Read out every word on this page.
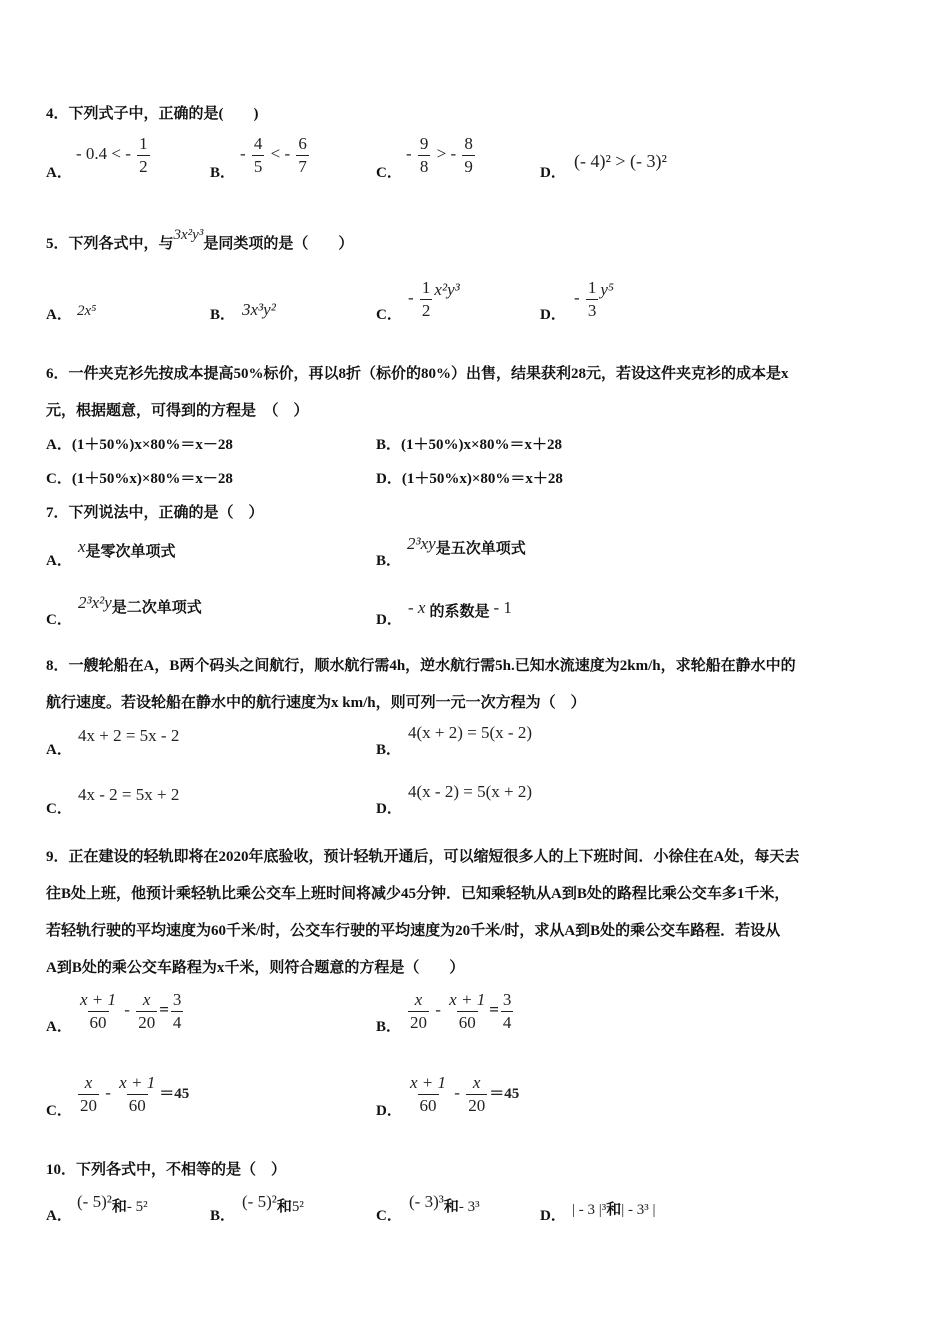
4．下列式子中，正确的是(　　)
A．
- 0.4 < - $\frac{1}{2}$	B．
- $\frac{4}{5}$ < - $\frac{6}{7}$	C．
- $\frac{9}{8}$ > - $\frac{8}{9}$	D．
(- 4)² > (- 3)²
5．下列各式中，与3x²y³是同类项的是（　　）
A． 2x⁵	B． 3x³y²	C．
- $\frac{1}{2} x^2y^3$
D．
- $\frac{1}{3} y^5$
6．一件夹克衫先按成本提高50%标价，再以8折（标价的80%）出售，结果获利28元，若设这件夹克衫的成本是x
元，根据题意，可得到的方程是　（　）
A．(1＋50%)x×80%＝x－28	B．(1＋50%)x×80%＝x＋28
C．(1＋50%x)×80%＝x－28	D．(1＋50%x)×80%＝x＋28
7．下列说法中，正确的是（　）
A．
x是零次单项式
B．
2³xy是五次单项式
C．
2³x²y是二次单项式
D．
- x 的系数是 - 1
8．一艘轮船在A，B两个码头之间航行，顺水航行需4h，逆水航行需5h.已知水流速度为2km/h，求轮船在静水中的
航行速度。若设轮船在静水中的航行速度为x km/h，则可列一元一次方程为（　）
A．
4x + 2 = 5x - 2
B．
4(x + 2) = 5(x - 2)
C．
4x - 2 = 5x + 2
D．
4(x - 2) = 5(x + 2)
9．正在建设的轻轨即将在2020年底验收，预计轻轨开通后，可以缩短很多人的上下班时间．小徐住在A处，每天去
往B处上班，他预计乘轻轨比乘公交车上班时间将减少45分钟．已知乘轻轨从A到B处的路程比乘公交车多1千米，
若轻轨行驶的平均速度为60千米/时，公交车行驶的平均速度为20千米/时，求从A到B处的乘公交车路程．若设从
A到B处的乘公交车路程为x千米，则符合题意的方程是（　　）
A． $\frac{x + 1}{60} - \frac{x}{20} = \frac{3}{4}$	B． $\frac{x}{20} - \frac{x + 1}{60} = \frac{3}{4}$
C． $\frac{x}{20} - \frac{x + 1}{60} =45$
D． $\frac{x + 1}{60} - \frac{x}{20} =45$
10．下列各式中，不相等的是（　）
A．
(- 5)²和- 5²
B．
(- 5)²和5²
C．
(- 3)³和- 3³
D． | - 3 |³和| - 3³ |
